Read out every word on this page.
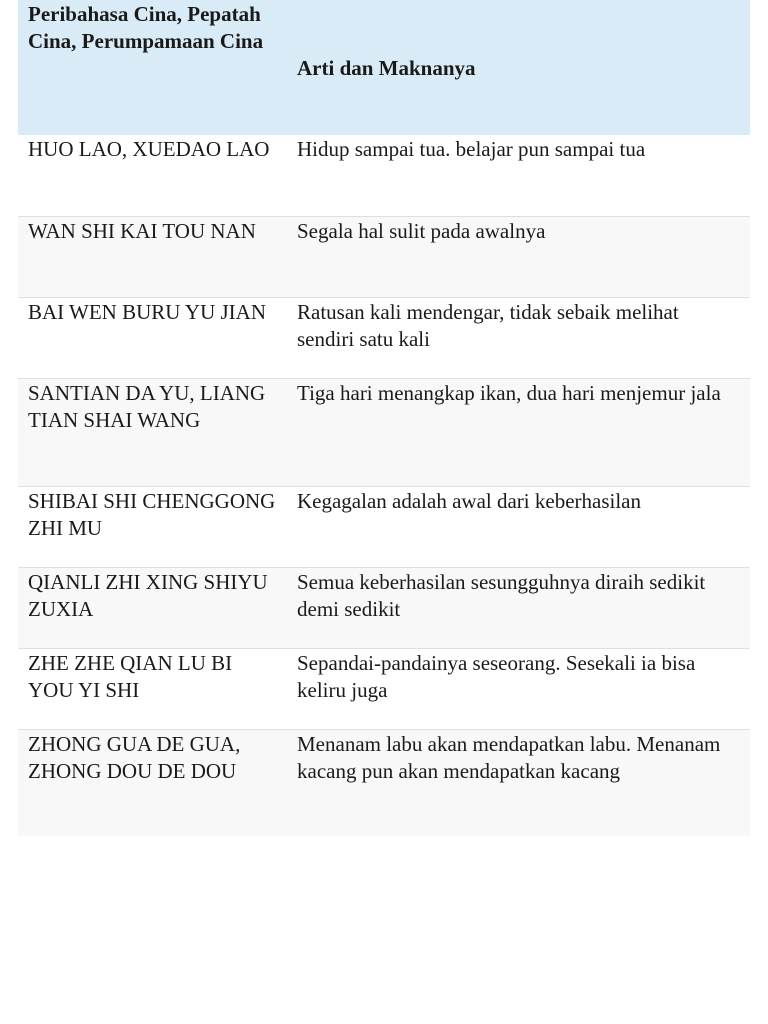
Peribahasa Cina, Pepatah Cina, Perumpamaan Cina	Arti dan Maknanya
HUO LAO, XUEDAO LAO	Hidup sampai tua. belajar pun sampai tua
WAN SHI KAI TOU NAN	Segala hal sulit pada awalnya
BAI WEN BURU YU JIAN	Ratusan kali mendengar, tidak sebaik melihat sendiri satu kali
SANTIAN DA YU, LIANG TIAN SHAI WANG	Tiga hari menangkap ikan, dua hari menjemur jala
SHIBAI SHI CHENGGONG ZHI MU	Kegagalan adalah awal dari keberhasilan
QIANLI ZHI XING SHIYU ZUXIA	Semua keberhasilan sesungguhnya diraih sedikit demi sedikit
ZHE ZHE QIAN LU BI YOU YI SHI	Sepandai-pandainya seseorang. Sesekali ia bisa keliru juga
ZHONG GUA DE GUA, ZHONG DOU DE DOU	Menanam labu akan mendapatkan labu. Menanam kacang pun akan mendapatkan kacang
